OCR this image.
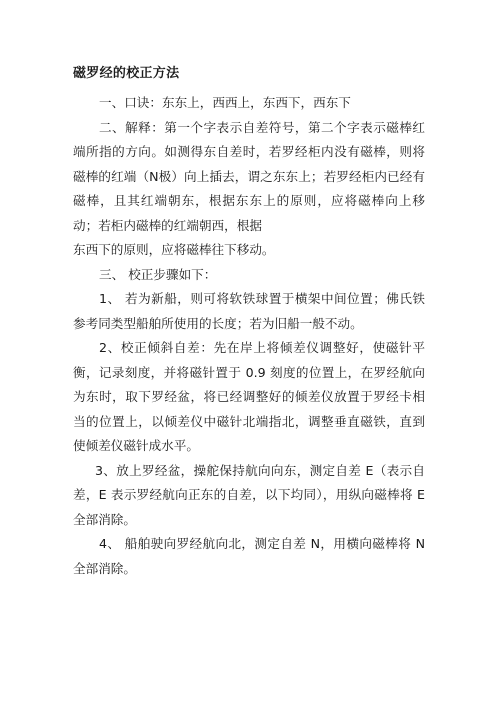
磁罗经的校正方法

一、口诀：东东上，西西上，东西下，西东下

二、解释：第一个字表示自差符号，第二个字表示磁棒红端所指的方向。如测得东自差时，若罗经柜内没有磁棒，则将磁棒的红端（N极）向上插去，谓之东东上；若罗经柜内已经有磁棒，且其红端朝东，根据东东上的原则，应将磁棒向上移动；若柜内磁棒的红端朝西，根据

东西下的原则，应将磁棒往下移动。

三、 校正步骤如下：

1、 若为新船，则可将软铁球置于横架中间位置；佛氏铁参考同类型船舶所使用的长度；若为旧船一般不动。

2、校正倾斜自差：先在岸上将倾差仪调整好，使磁针平衡，记录刻度，并将磁针置于 0.9 刻度的位置上，在罗经航向为东时，取下罗经盆，将已经调整好的倾差仪放置于罗经卡相当的位置上，以倾差仪中磁针北端指北，调整垂直磁铁，直到使倾差仪磁针成水平。

3、放上罗经盆，操舵保持航向向东，测定自差 E（表示自差，E 表示罗经航向正东的自差，以下均同），用纵向磁棒将 E 全部消除。

4、 船舶驶向罗经航向北，测定自差 N，用横向磁棒将 N 全部消除。
